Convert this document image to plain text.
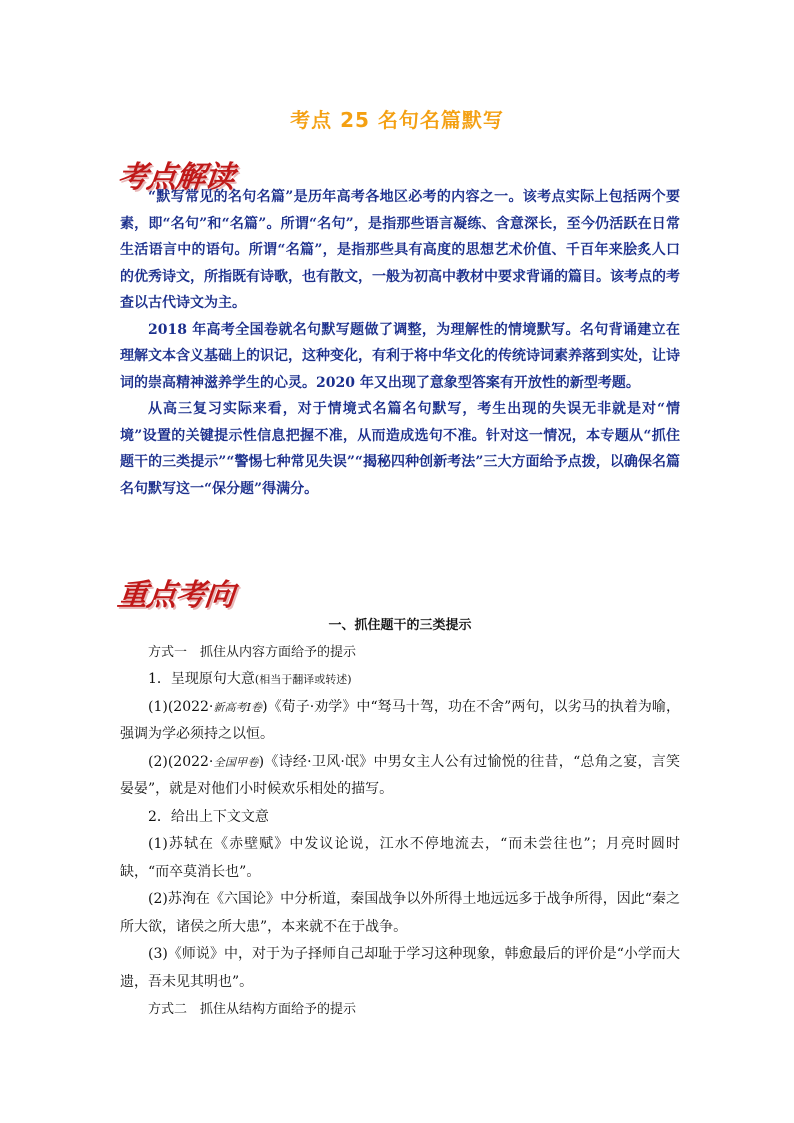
考点 25 名句名篇默写
考点解读

“默写常见的名句名篇”是历年高考各地区必考的内容之一。该考点实际上包括两个要素，即“名句”和“名篇”。所谓“名句”，是指那些语言凝练、含意深长，至今仍活跃在日常生活语言中的语句。所谓“名篇”，是指那些具有高度的思想艺术价值、千百年来脍炙人口的优秀诗文，所指既有诗歌，也有散文，一般为初高中教材中要求背诵的篇目。该考点的考查以古代诗文为主。

2018 年高考全国卷就名句默写题做了调整，为理解性的情境默写。名句背诵建立在理解文本含义基础上的识记，这种变化，有利于将中华文化的传统诗词素养落到实处，让诗词的崇高精神滋养学生的心灵。2020 年又出现了意象型答案有开放性的新型考题。

从高三复习实际来看，对于情境式名篇名句默写，考生出现的失误无非就是对“情境”设置的关键提示性信息把握不准，从而造成选句不准。针对这一情况，本专题从“抓住题干的三类提示”“警惕七种常见失误”“揭秘四种创新考法”三大方面给予点拨，以确保名篇名句默写这一“保分题”得满分。

重点考向

一、抓住题干的三类提示

方式一　抓住从内容方面给予的提示

1．呈现原句大意(相当于翻译或转述)

(1)(2022·新高考Ⅰ卷)《荀子·劝学》中“驽马十驾，功在不舍”两句，以劣马的执着为喻，强调为学必须持之以恒。

(2)(2022·全国甲卷)《诗经·卫风·氓》中男女主人公有过愉悦的往昔，“总角之宴，言笑晏晏”，就是对他们小时候欢乐相处的描写。

2．给出上下文文意

(1)苏轼在《赤壁赋》中发议论说，江水不停地流去，“而未尝往也”；月亮时圆时缺，“而卒莫消长也”。

(2)苏洵在《六国论》中分析道，秦国战争以外所得土地远远多于战争所得，因此“秦之所大欲，诸侯之所大患”，本来就不在于战争。

(3)《师说》中，对于为子择师自己却耻于学习这种现象，韩愈最后的评价是“小学而大遗，吾未见其明也”。

方式二　抓住从结构方面给予的提示
